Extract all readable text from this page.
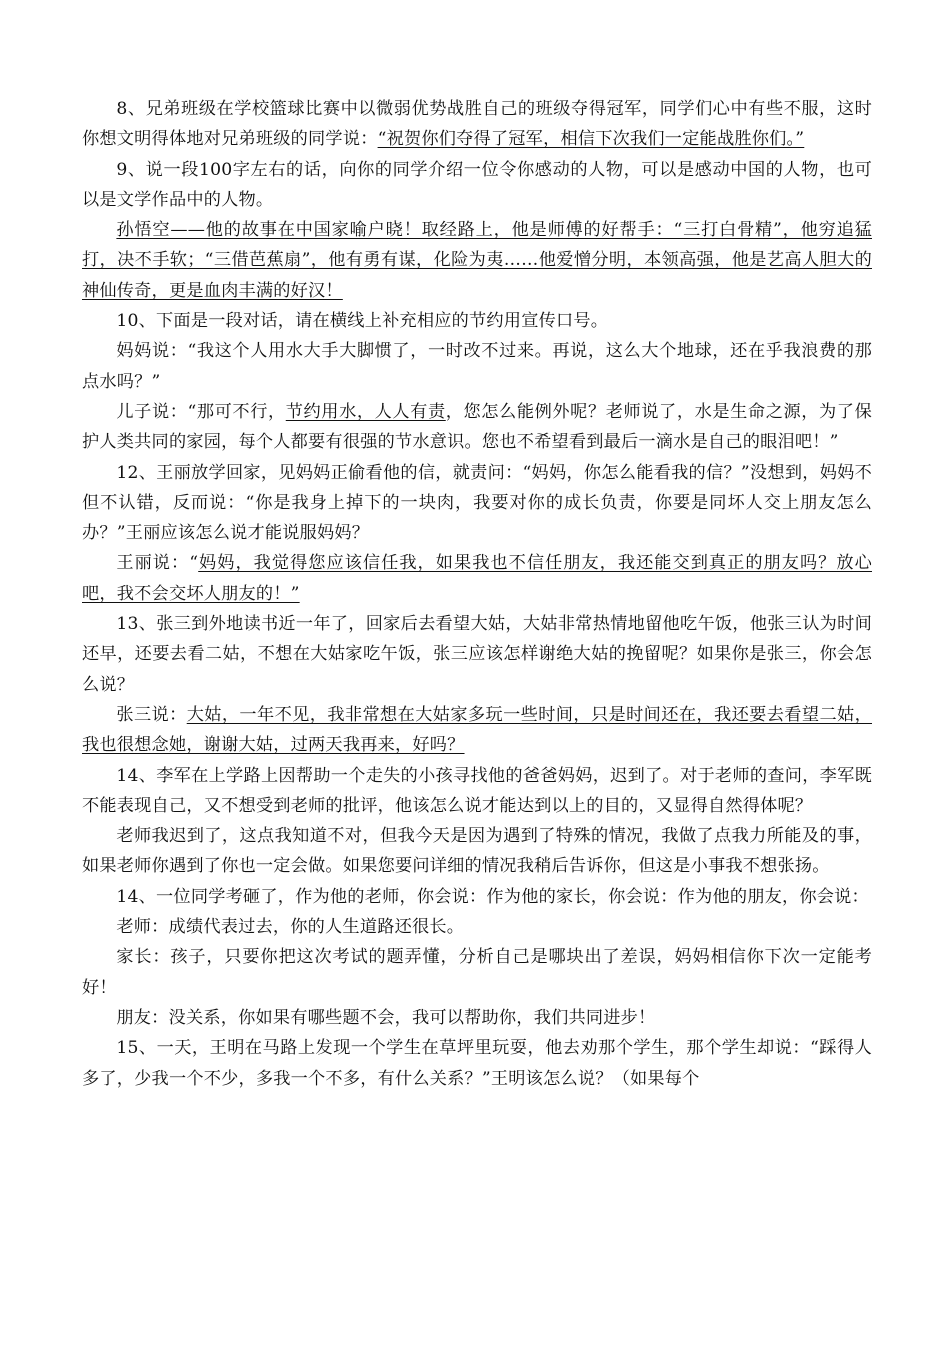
8、兄弟班级在学校篮球比赛中以微弱优势战胜自己的班级夺得冠军，同学们心中有些不服，这时你想文明得体地对兄弟班级的同学说：“祝贺你们夺得了冠军，相信下次我们一定能战胜你们。”

9、说一段100字左右的话，向你的同学介绍一位令你感动的人物，可以是感动中国的人物，也可以是文学作品中的人物。

孙悟空——他的故事在中国家喻户晓！取经路上，他是师傅的好帮手：“三打白骨精”，他穷追猛打，决不手软；“三借芭蕉扇”，他有勇有谋，化险为夷……他爱憎分明，本领高强，他是艺高人胆大的神仙传奇，更是血肉丰满的好汉！

10、下面是一段对话，请在横线上补充相应的节约用宣传口号。

妈妈说：“我这个人用水大手大脚惯了，一时改不过来。再说，这么大个地球，还在乎我浪费的那点水吗？”

儿子说：“那可不行，节约用水，人人有责，您怎么能例外呢？老师说了，水是生命之源，为了保护人类共同的家园，每个人都要有很强的节水意识。您也不希望看到最后一滴水是自己的眼泪吧！”

12、王丽放学回家，见妈妈正偷看他的信，就责问：“妈妈，你怎么能看我的信？”没想到，妈妈不但不认错，反而说：“你是我身上掉下的一块肉，我要对你的成长负责，你要是同坏人交上朋友怎么办？”王丽应该怎么说才能说服妈妈？

王丽说：“妈妈，我觉得您应该信任我，如果我也不信任朋友，我还能交到真正的朋友吗？放心吧，我不会交坏人朋友的！”

13、张三到外地读书近一年了，回家后去看望大姑，大姑非常热情地留他吃午饭，他张三认为时间还早，还要去看二姑，不想在大姑家吃午饭，张三应该怎样谢绝大姑的挽留呢？如果你是张三，你会怎么说？

张三说：大姑，一年不见，我非常想在大姑家多玩一些时间，只是时间还在，我还要去看望二姑，我也很想念她，谢谢大姑，过两天我再来，好吗？

14、李军在上学路上因帮助一个走失的小孩寻找他的爸爸妈妈，迟到了。对于老师的查问，李军既不能表现自己，又不想受到老师的批评，他该怎么说才能达到以上的目的，又显得自然得体呢？

老师我迟到了，这点我知道不对，但我今天是因为遇到了特殊的情况，我做了点我力所能及的事，如果老师你遇到了你也一定会做。如果您要问详细的情况我稍后告诉你，但这是小事我不想张扬。

14、一位同学考砸了，作为他的老师，你会说：作为他的家长，你会说：作为他的朋友，你会说：

老师：成绩代表过去，你的人生道路还很长。

家长：孩子，只要你把这次考试的题弄懂，分析自己是哪块出了差误，妈妈相信你下次一定能考好！

朋友：没关系，你如果有哪些题不会，我可以帮助你，我们共同进步！

15、一天，王明在马路上发现一个学生在草坪里玩耍，他去劝那个学生，那个学生却说：“踩得人多了，少我一个不少，多我一个不多，有什么关系？”王明该怎么说？（如果每个
